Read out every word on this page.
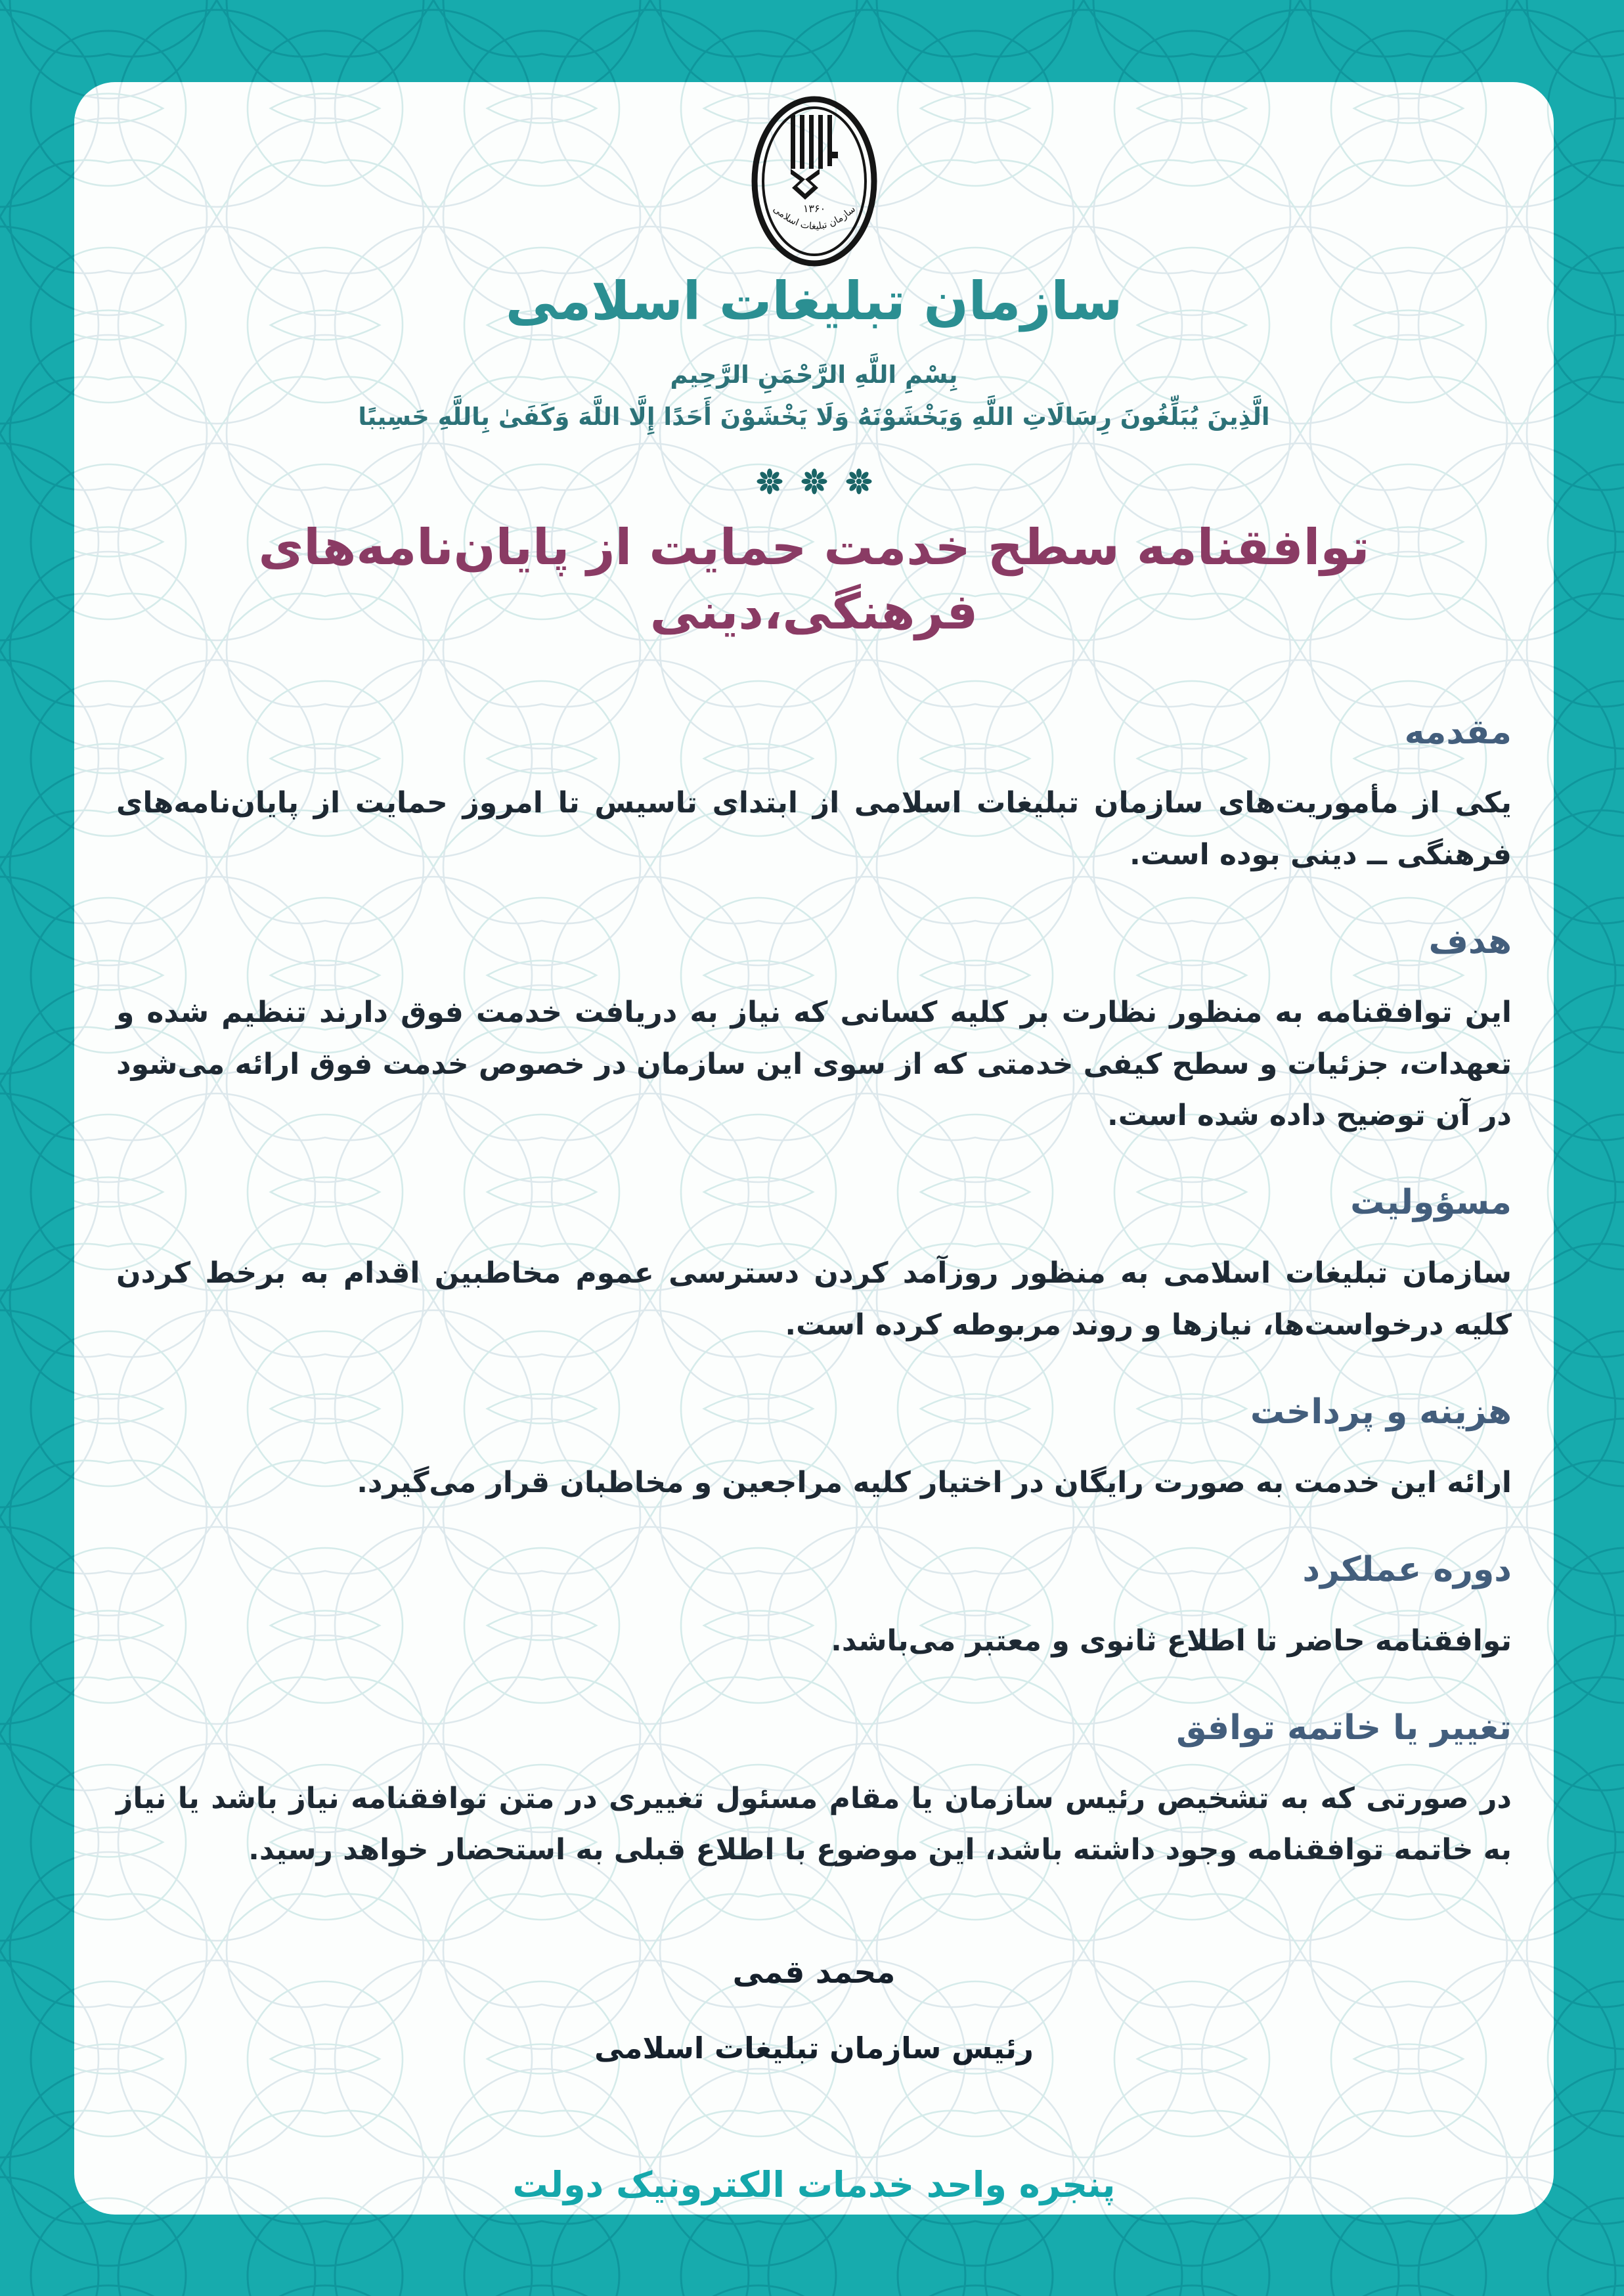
۱۳۶۰
سازمان تبلیغات اسلامی
سازمان تبلیغات اسلامی
بِسْمِ اللَّهِ الرَّحْمَنِ الرَّحِيم
الَّذِينَ يُبَلِّغُونَ رِسَالَاتِ اللَّهِ وَيَخْشَوْنَهُ وَلَا يَخْشَوْنَ أَحَدًا إِلَّا اللَّهَ وَكَفَىٰ بِاللَّهِ حَسِيبًا
توافقنامه سطح خدمت حمایت از پایان‌نامه‌های فرهنگی،دینی
مقدمه

یکی از مأموریت‌های سازمان تبلیغات اسلامی از ابتدای تاسیس تا امروز حمایت از پایان‌نامه‌های فرهنگی ــ دینی بوده است.

هدف

این توافقنامه به منظور نظارت بر کلیه کسانی که نیاز به دریافت خدمت فوق دارند تنظیم شده و تعهدات، جزئیات و سطح کیفی خدمتی که از سوی این سازمان در خصوص خدمت فوق ارائه می‌شود در آن توضیح داده شده است.

مسؤولیت

سازمان تبلیغات اسلامی به منظور روزآمد کردن دسترسی عموم مخاطبین اقدام به برخط کردن کلیه درخواست‌ها، نیازها و روند مربوطه کرده است.

هزینه و پرداخت

ارائه این خدمت به صورت رایگان در اختیار کلیه مراجعین و مخاطبان قرار می‌گیرد.

دوره عملکرد

توافقنامه حاضر تا اطلاع ثانوی و معتبر می‌باشد.

تغییر یا خاتمه توافق

در صورتی که به تشخیص رئیس سازمان یا مقام مسئول تغییری در متن توافقنامه نیاز باشد یا نیاز به خاتمه توافقنامه وجود داشته باشد، این موضوع با اطلاع قبلی به استحضار خواهد رسید.

محمد قمی
رئیس سازمان تبلیغات اسلامی
پنجره واحد خدمات الکترونیک دولت
